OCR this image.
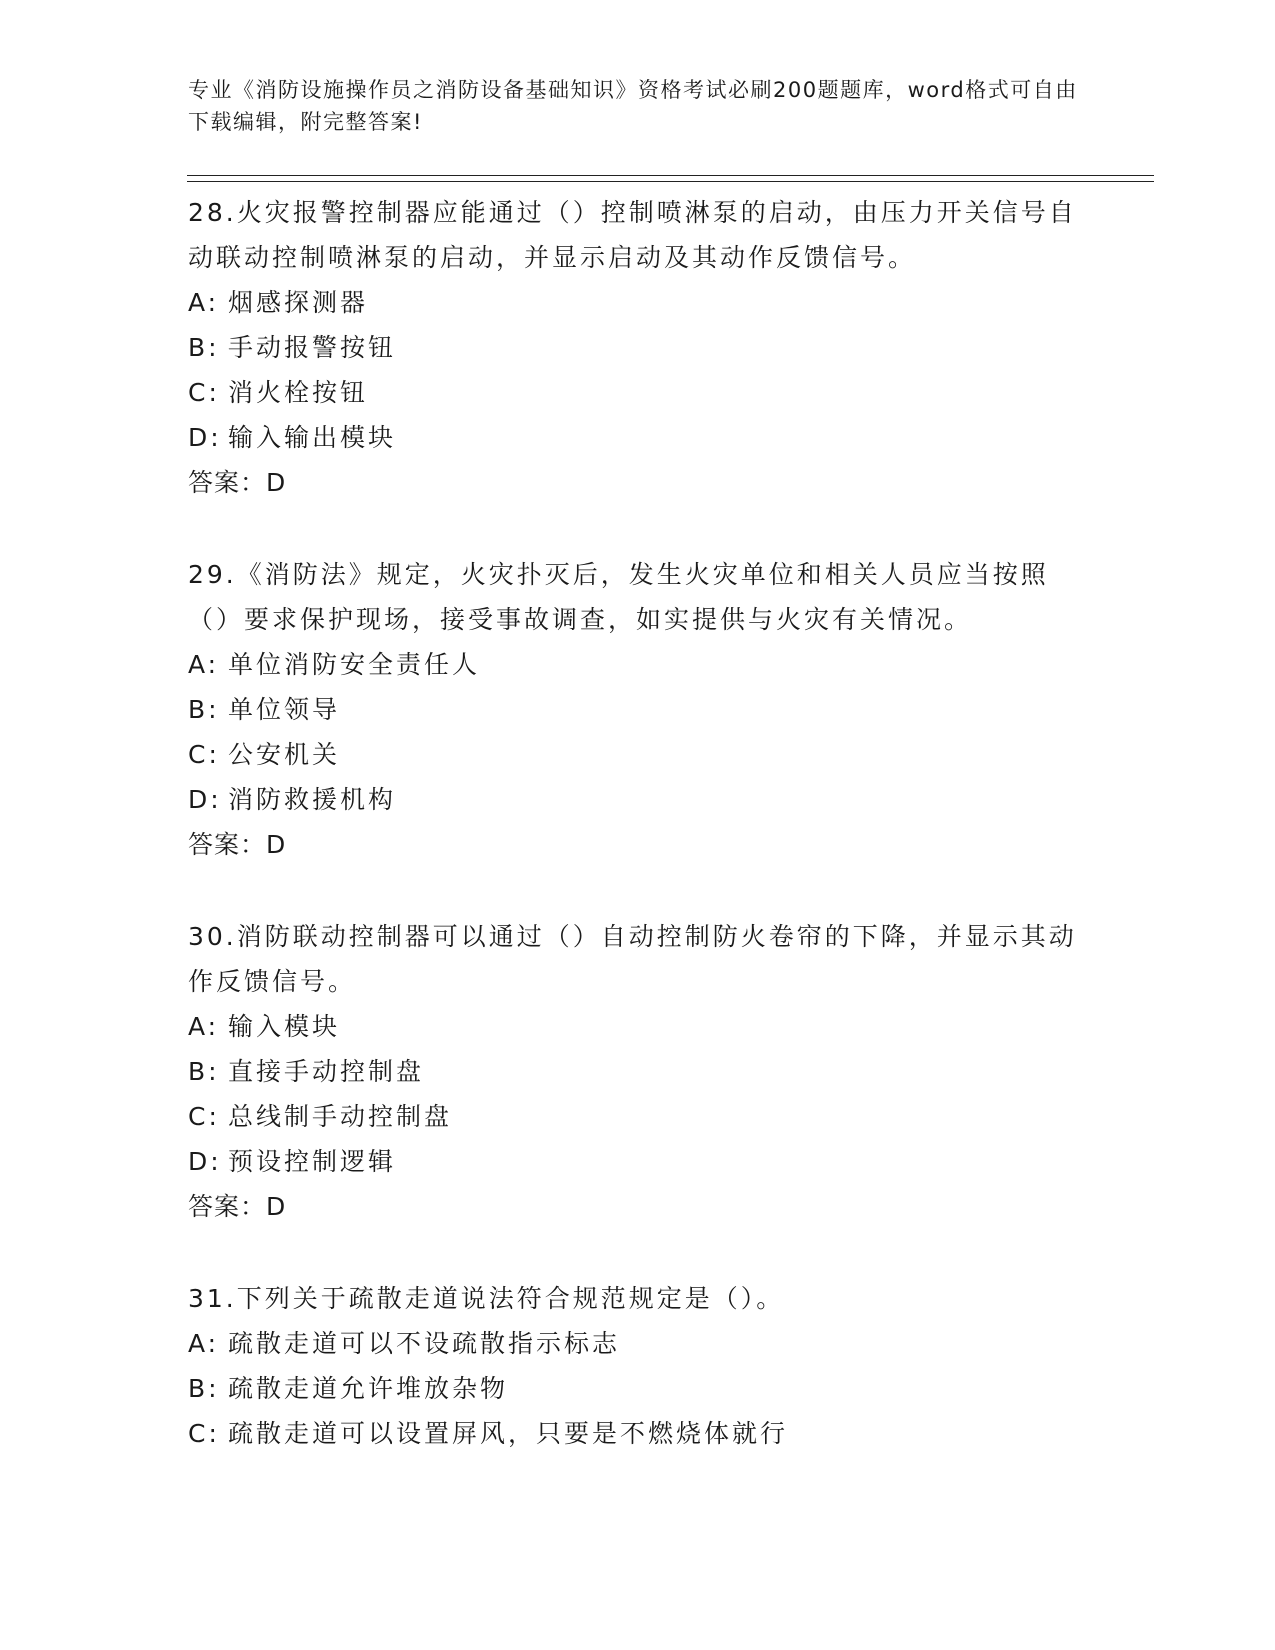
专业《消防设施操作员之消防设备基础知识》资格考试必刷200题题库，word格式可自由下载编辑，附完整答案!

28.火灾报警控制器应能通过（）控制喷淋泵的启动，由压力开关信号自动联动控制喷淋泵的启动，并显示启动及其动作反馈信号。

A: 烟感探测器

B: 手动报警按钮

C: 消火栓按钮

D: 输入输出模块

答案：D

29.《消防法》规定，火灾扑灭后，发生火灾单位和相关人员应当按照（）要求保护现场，接受事故调查，如实提供与火灾有关情况。

A: 单位消防安全责任人

B: 单位领导

C: 公安机关

D: 消防救援机构

答案：D

30.消防联动控制器可以通过（）自动控制防火卷帘的下降，并显示其动作反馈信号。

A: 输入模块

B: 直接手动控制盘

C: 总线制手动控制盘

D: 预设控制逻辑

答案：D

31.下列关于疏散走道说法符合规范规定是（）。

A: 疏散走道可以不设疏散指示标志

B: 疏散走道允许堆放杂物

C: 疏散走道可以设置屏风，只要是不燃烧体就行
